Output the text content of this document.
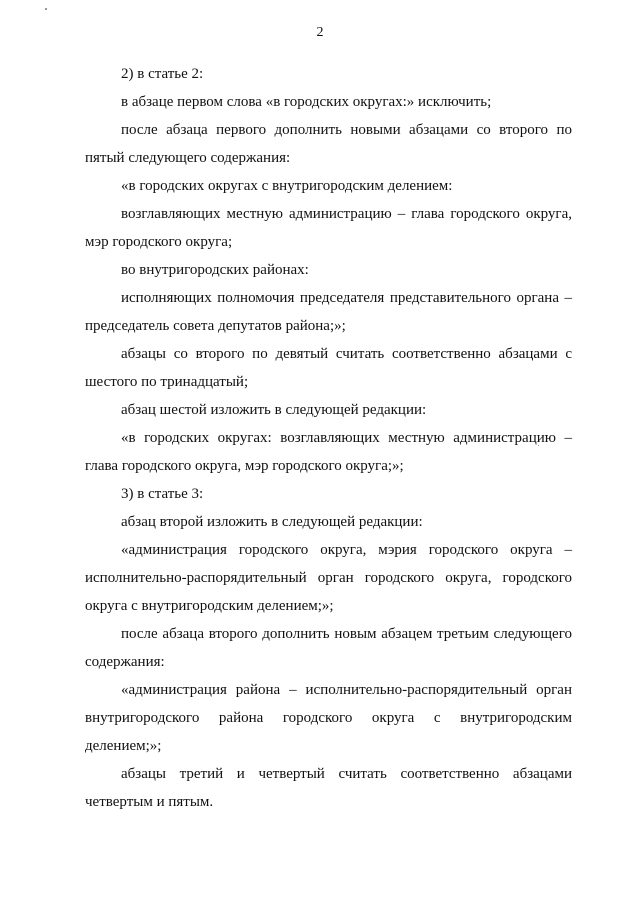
2

2) в статье 2:

в абзаце первом слова «в городских округах:» исключить;

после абзаца первого дополнить новыми абзацами со второго по пятый следующего содержания:

«в городских округах с внутригородским делением:

возглавляющих местную администрацию – глава городского округа, мэр городского округа;

во внутригородских районах:

исполняющих полномочия председателя представительного органа – председатель совета депутатов района;»;

абзацы со второго по девятый считать соответственно абзацами с шестого по тринадцатый;

абзац шестой изложить в следующей редакции:

«в городских округах: возглавляющих местную администрацию – глава городского округа, мэр городского округа;»;

3) в статье 3:

абзац второй изложить в следующей редакции:

«администрация городского округа, мэрия городского округа – исполнительно-распорядительный орган городского округа, городского округа с внутригородским делением;»;

после абзаца второго дополнить новым абзацем третьим следующего содержания:

«администрация района – исполнительно-распорядительный орган внутригородского района городского округа с внутригородским делением;»;

абзацы третий и четвертый считать соответственно абзацами четвертым и пятым.
